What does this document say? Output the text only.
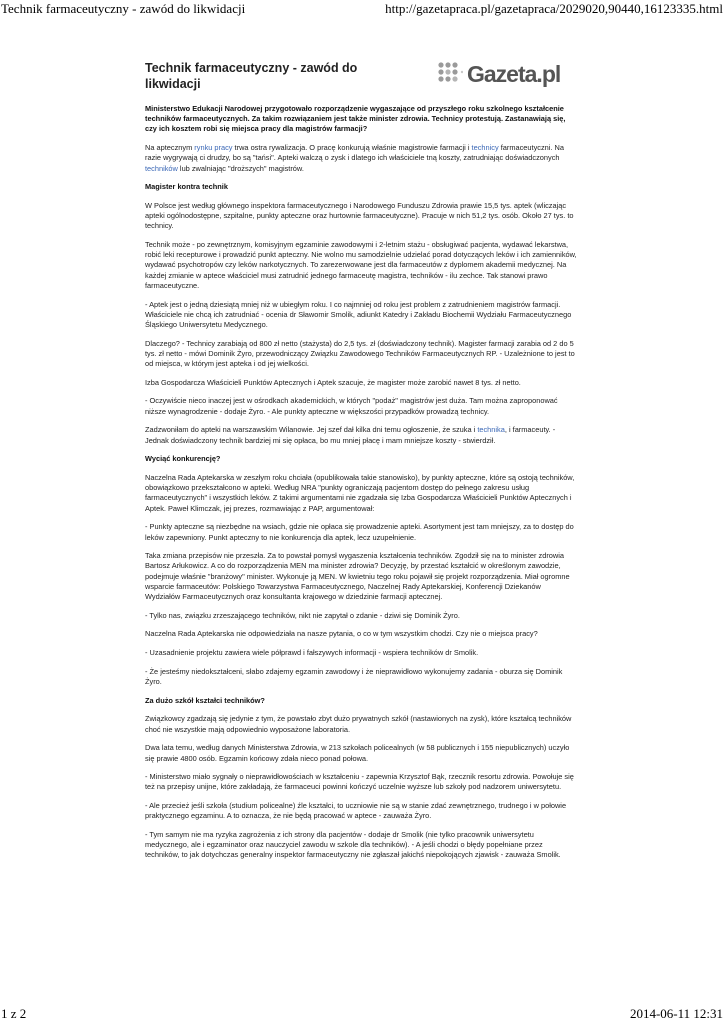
Technik farmaceutyczny - zawód do likwidacji	http://gazetapraca.pl/gazetapraca/2029020,90440,16123335.html
Technik farmaceutyczny - zawód do likwidacji	Gazeta.pl

Ministerstwo Edukacji Narodowej przygotowało rozporządzenie wygaszające od przyszłego roku szkolnego kształcenie techników farmaceutycznych. Za takim rozwiązaniem jest także minister zdrowia. Technicy protestują. Zastanawiają się, czy ich kosztem robi się miejsca pracy dla magistrów farmacji?

Na aptecznym rynku pracy trwa ostra rywalizacja. O pracę konkurują właśnie magistrowie farmacji i technicy farmaceutyczni. Na razie wygrywają ci drudzy, bo są "tańsi". Apteki walczą o zysk i dlatego ich właściciele tną koszty, zatrudniając doświadczonych techników lub zwalniając "droższych" magistrów.

Magister kontra technik

W Polsce jest według głównego inspektora farmaceutycznego i Narodowego Funduszu Zdrowia prawie 15,5 tys. aptek (wliczając apteki ogólnodostępne, szpitalne, punkty apteczne oraz hurtownie farmaceutyczne). Pracuje w nich 51,2 tys. osób. Około 27 tys. to technicy.

Technik może - po zewnętrznym, komisyjnym egzaminie zawodowymi i 2-letnim stażu - obsługiwać pacjenta, wydawać lekarstwa, robić leki recepturowe i prowadzić punkt apteczny. Nie wolno mu samodzielnie udzielać porad dotyczących leków i ich zamienników, wydawać psychotropów czy leków narkotycznych. To zarezerwowane jest dla farmaceutów z dyplomem akademii medycznej. Na każdej zmianie w aptece właściciel musi zatrudnić jednego farmaceutę magistra, techników - ilu zechce. Tak stanowi prawo farmaceutyczne.

- Aptek jest o jedną dziesiątą mniej niż w ubiegłym roku. I co najmniej od roku jest problem z zatrudnieniem magistrów farmacji. Właściciele nie chcą ich zatrudniać - ocenia dr Sławomir Smolik, adiunkt Katedry i Zakładu Biochemii Wydziału Farmaceutycznego Śląskiego Uniwersytetu Medycznego.

Dlaczego? - Technicy zarabiają od 800 zł netto (stażysta) do 2,5 tys. zł (doświadczony technik). Magister farmacji zarabia od 2 do 5 tys. zł netto - mówi Dominik Żyro, przewodniczący Związku Zawodowego Techników Farmaceutycznych RP. - Uzależnione to jest to od miejsca, w którym jest apteka i od jej wielkości.

Izba Gospodarcza Właścicieli Punktów Aptecznych i Aptek szacuje, że magister może zarobić nawet 8 tys. zł netto.

- Oczywiście nieco inaczej jest w ośrodkach akademickich, w których "podaż" magistrów jest duża. Tam można zaproponować niższe wynagrodzenie - dodaje Żyro. - Ale punkty apteczne w większości przypadków prowadzą technicy.

Zadzwoniłam do apteki na warszawskim Wilanowie. Jej szef dał kilka dni temu ogłoszenie, że szuka i technika, i farmaceuty. - Jednak doświadczony technik bardziej mi się opłaca, bo mu mniej płacę i mam mniejsze koszty - stwierdził.

Wyciąć konkurencję?

Naczelna Rada Aptekarska w zeszłym roku chciała (opublikowała takie stanowisko), by punkty apteczne, które są ostoją techników, obowiązkowo przekształcono w apteki. Według NRA "punkty ograniczają pacjentom dostęp do pełnego zakresu usług farmaceutycznych" i wszystkich leków. Z takimi argumentami nie zgadzała się Izba Gospodarcza Właścicieli Punktów Aptecznych i Aptek. Paweł Klimczak, jej prezes, rozmawiając z PAP, argumentował:

- Punkty apteczne są niezbędne na wsiach, gdzie nie opłaca się prowadzenie apteki. Asortyment jest tam mniejszy, za to dostęp do leków zapewniony. Punkt apteczny to nie konkurencja dla aptek, lecz uzupełnienie.

Taka zmiana przepisów nie przeszła. Za to powstał pomysł wygaszenia kształcenia techników. Zgodził się na to minister zdrowia Bartosz Arłukowicz. A co do rozporządzenia MEN ma minister zdrowia? Decyzję, by przestać kształcić w określonym zawodzie, podejmuje właśnie "branżowy" minister. Wykonuje ją MEN. W kwietniu tego roku pojawił się projekt rozporządzenia. Miał ogromne wsparcie farmaceutów: Polskiego Towarzystwa Farmaceutycznego, Naczelnej Rady Aptekarskiej, Konferencji Dziekanów Wydziałów Farmaceutycznych oraz konsultanta krajowego w dziedzinie farmacji aptecznej.

- Tylko nas, związku zrzeszającego techników, nikt nie zapytał o zdanie - dziwi się Dominik Żyro.

Naczelna Rada Aptekarska nie odpowiedziała na nasze pytania, o co w tym wszystkim chodzi. Czy nie o miejsca pracy?

- Uzasadnienie projektu zawiera wiele półprawd i fałszywych informacji - wspiera techników dr Smolik.

- Że jesteśmy niedokształceni, słabo zdajemy egzamin zawodowy i że nieprawidłowo wykonujemy zadania - oburza się Dominik Żyro.

Za dużo szkół kształci techników?

Związkowcy zgadzają się jedynie z tym, że powstało zbyt dużo prywatnych szkół (nastawionych na zysk), które kształcą techników choć nie wszystkie mają odpowiednio wyposażone laboratoria.

Dwa lata temu, według danych Ministerstwa Zdrowia, w 213 szkołach policealnych (w 58 publicznych i 155 niepublicznych) uczyło się prawie 4800 osób. Egzamin końcowy zdała nieco ponad połowa.

- Ministerstwo miało sygnały o nieprawidłowościach w kształceniu - zapewnia Krzysztof Bąk, rzecznik resortu zdrowia. Powołuje się też na przepisy unijne, które zakładają, że farmaceuci powinni kończyć uczelnie wyższe lub szkoły pod nadzorem uniwersytetu.

- Ale przecież jeśli szkoła (studium policealne) źle kształci, to uczniowie nie są w stanie zdać zewnętrznego, trudnego i w połowie praktycznego egzaminu. A to oznacza, że nie będą pracować w aptece - zauważa Żyro.

- Tym samym nie ma ryzyka zagrożenia z ich strony dla pacjentów - dodaje dr Smolik (nie tylko pracownik uniwersytetu medycznego, ale i egzaminator oraz nauczyciel zawodu w szkole dla techników). - A jeśli chodzi o błędy popełniane przez techników, to jak dotychczas generalny inspektor farmaceutyczny nie zgłaszał jakichś niepokojących zjawisk - zauważa Smolik.

1 z 2	2014-06-11 12:31
